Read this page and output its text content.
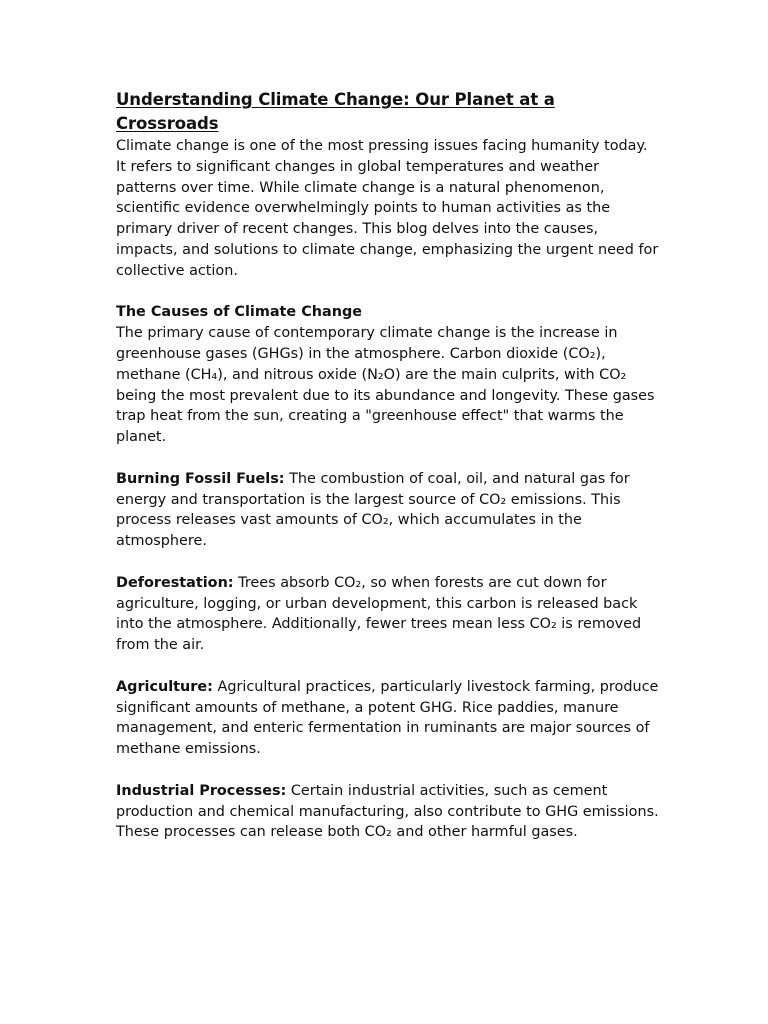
Understanding Climate Change: Our Planet at a Crossroads

Climate change is one of the most pressing issues facing humanity today. It refers to significant changes in global temperatures and weather patterns over time. While climate change is a natural phenomenon, scientific evidence overwhelmingly points to human activities as the primary driver of recent changes. This blog delves into the causes, impacts, and solutions to climate change, emphasizing the urgent need for collective action.

The Causes of Climate Change

The primary cause of contemporary climate change is the increase in greenhouse gases (GHGs) in the atmosphere. Carbon dioxide (CO₂), methane (CH₄), and nitrous oxide (N₂O) are the main culprits, with CO₂ being the most prevalent due to its abundance and longevity. These gases trap heat from the sun, creating a "greenhouse effect" that warms the planet.

Burning Fossil Fuels: The combustion of coal, oil, and natural gas for energy and transportation is the largest source of CO₂ emissions. This process releases vast amounts of CO₂, which accumulates in the atmosphere.

Deforestation: Trees absorb CO₂, so when forests are cut down for agriculture, logging, or urban development, this carbon is released back into the atmosphere. Additionally, fewer trees mean less CO₂ is removed from the air.

Agriculture: Agricultural practices, particularly livestock farming, produce significant amounts of methane, a potent GHG. Rice paddies, manure management, and enteric fermentation in ruminants are major sources of methane emissions.

Industrial Processes: Certain industrial activities, such as cement production and chemical manufacturing, also contribute to GHG emissions. These processes can release both CO₂ and other harmful gases.
